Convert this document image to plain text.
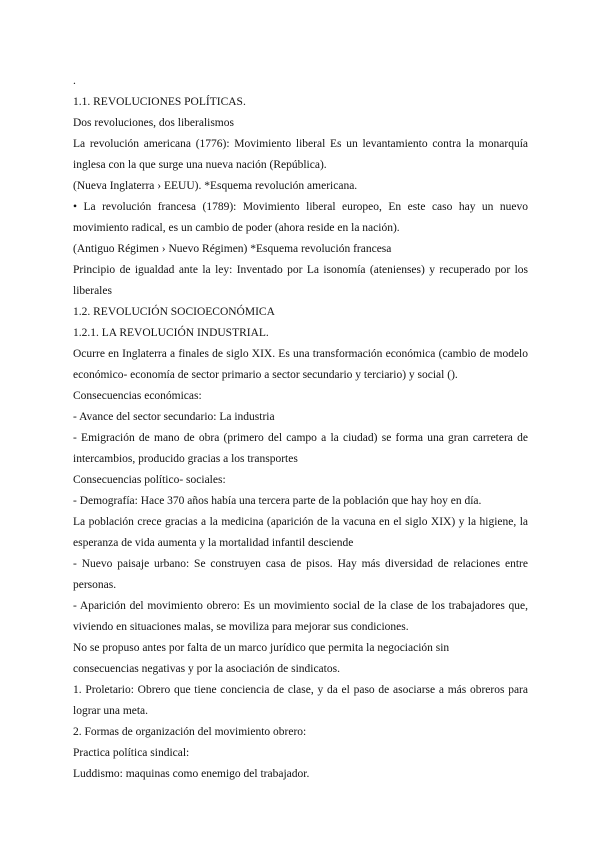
.

1.1. REVOLUCIONES POLÍTICAS.

Dos revoluciones, dos liberalismos

La revolución americana (1776): Movimiento liberal Es un levantamiento contra la monarquía inglesa con la que surge una nueva nación (República).

(Nueva Inglaterra › EEUU). *Esquema revolución americana.

• La revolución francesa (1789): Movimiento liberal europeo, En este caso hay un nuevo movimiento radical, es un cambio de poder (ahora reside en la nación).

(Antiguo Régimen › Nuevo Régimen) *Esquema revolución francesa

Principio de igualdad ante la ley: Inventado por La isonomía (atenienses) y recuperado por los liberales

1.2. REVOLUCIÓN SOCIOECONÓMICA

1.2.1. LA REVOLUCIÓN INDUSTRIAL.

Ocurre en Inglaterra a finales de siglo XIX. Es una transformación económica (cambio de modelo económico- economía de sector primario a sector secundario y terciario) y social ().

Consecuencias económicas:

- Avance del sector secundario: La industria

- Emigración de mano de obra (primero del campo a la ciudad) se forma una gran carretera de intercambios, producido gracias a los transportes

Consecuencias político- sociales:

- Demografía: Hace 370 años había una tercera parte de la población que hay hoy en día.

La población crece gracias a la medicina (aparición de la vacuna en el siglo XIX) y la higiene, la esperanza de vida aumenta y la mortalidad infantil desciende

- Nuevo paisaje urbano: Se construyen casa de pisos. Hay más diversidad de relaciones entre personas.

- Aparición del movimiento obrero: Es un movimiento social de la clase de los trabajadores que, viviendo en situaciones malas, se moviliza para mejorar sus condiciones.

No se propuso antes por falta de un marco jurídico que permita la negociación sin

consecuencias negativas y por la asociación de sindicatos.

1. Proletario: Obrero que tiene conciencia de clase, y da el paso de asociarse a más obreros para lograr una meta.

2. Formas de organización del movimiento obrero:

Practica política sindical:

Luddismo: maquinas como enemigo del trabajador.
